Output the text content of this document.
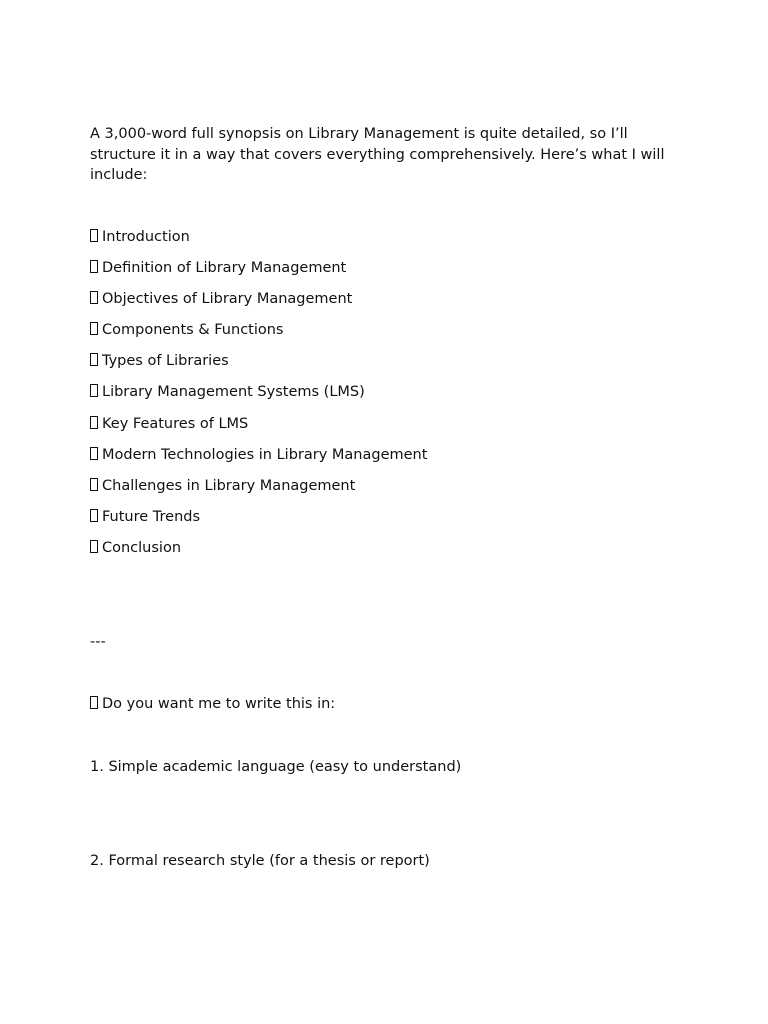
A 3,000-word full synopsis on Library Management is quite detailed, so I’ll structure it in a way that covers everything comprehensively. Here’s what I will include:

Introduction
Definition of Library Management
Objectives of Library Management
Components & Functions
Types of Libraries
Library Management Systems (LMS)
Key Features of LMS
Modern Technologies in Library Management
Challenges in Library Management
Future Trends
Conclusion

---

Do you want me to write this in:

1. Simple academic language (easy to understand)

2. Formal research style (for a thesis or report)
